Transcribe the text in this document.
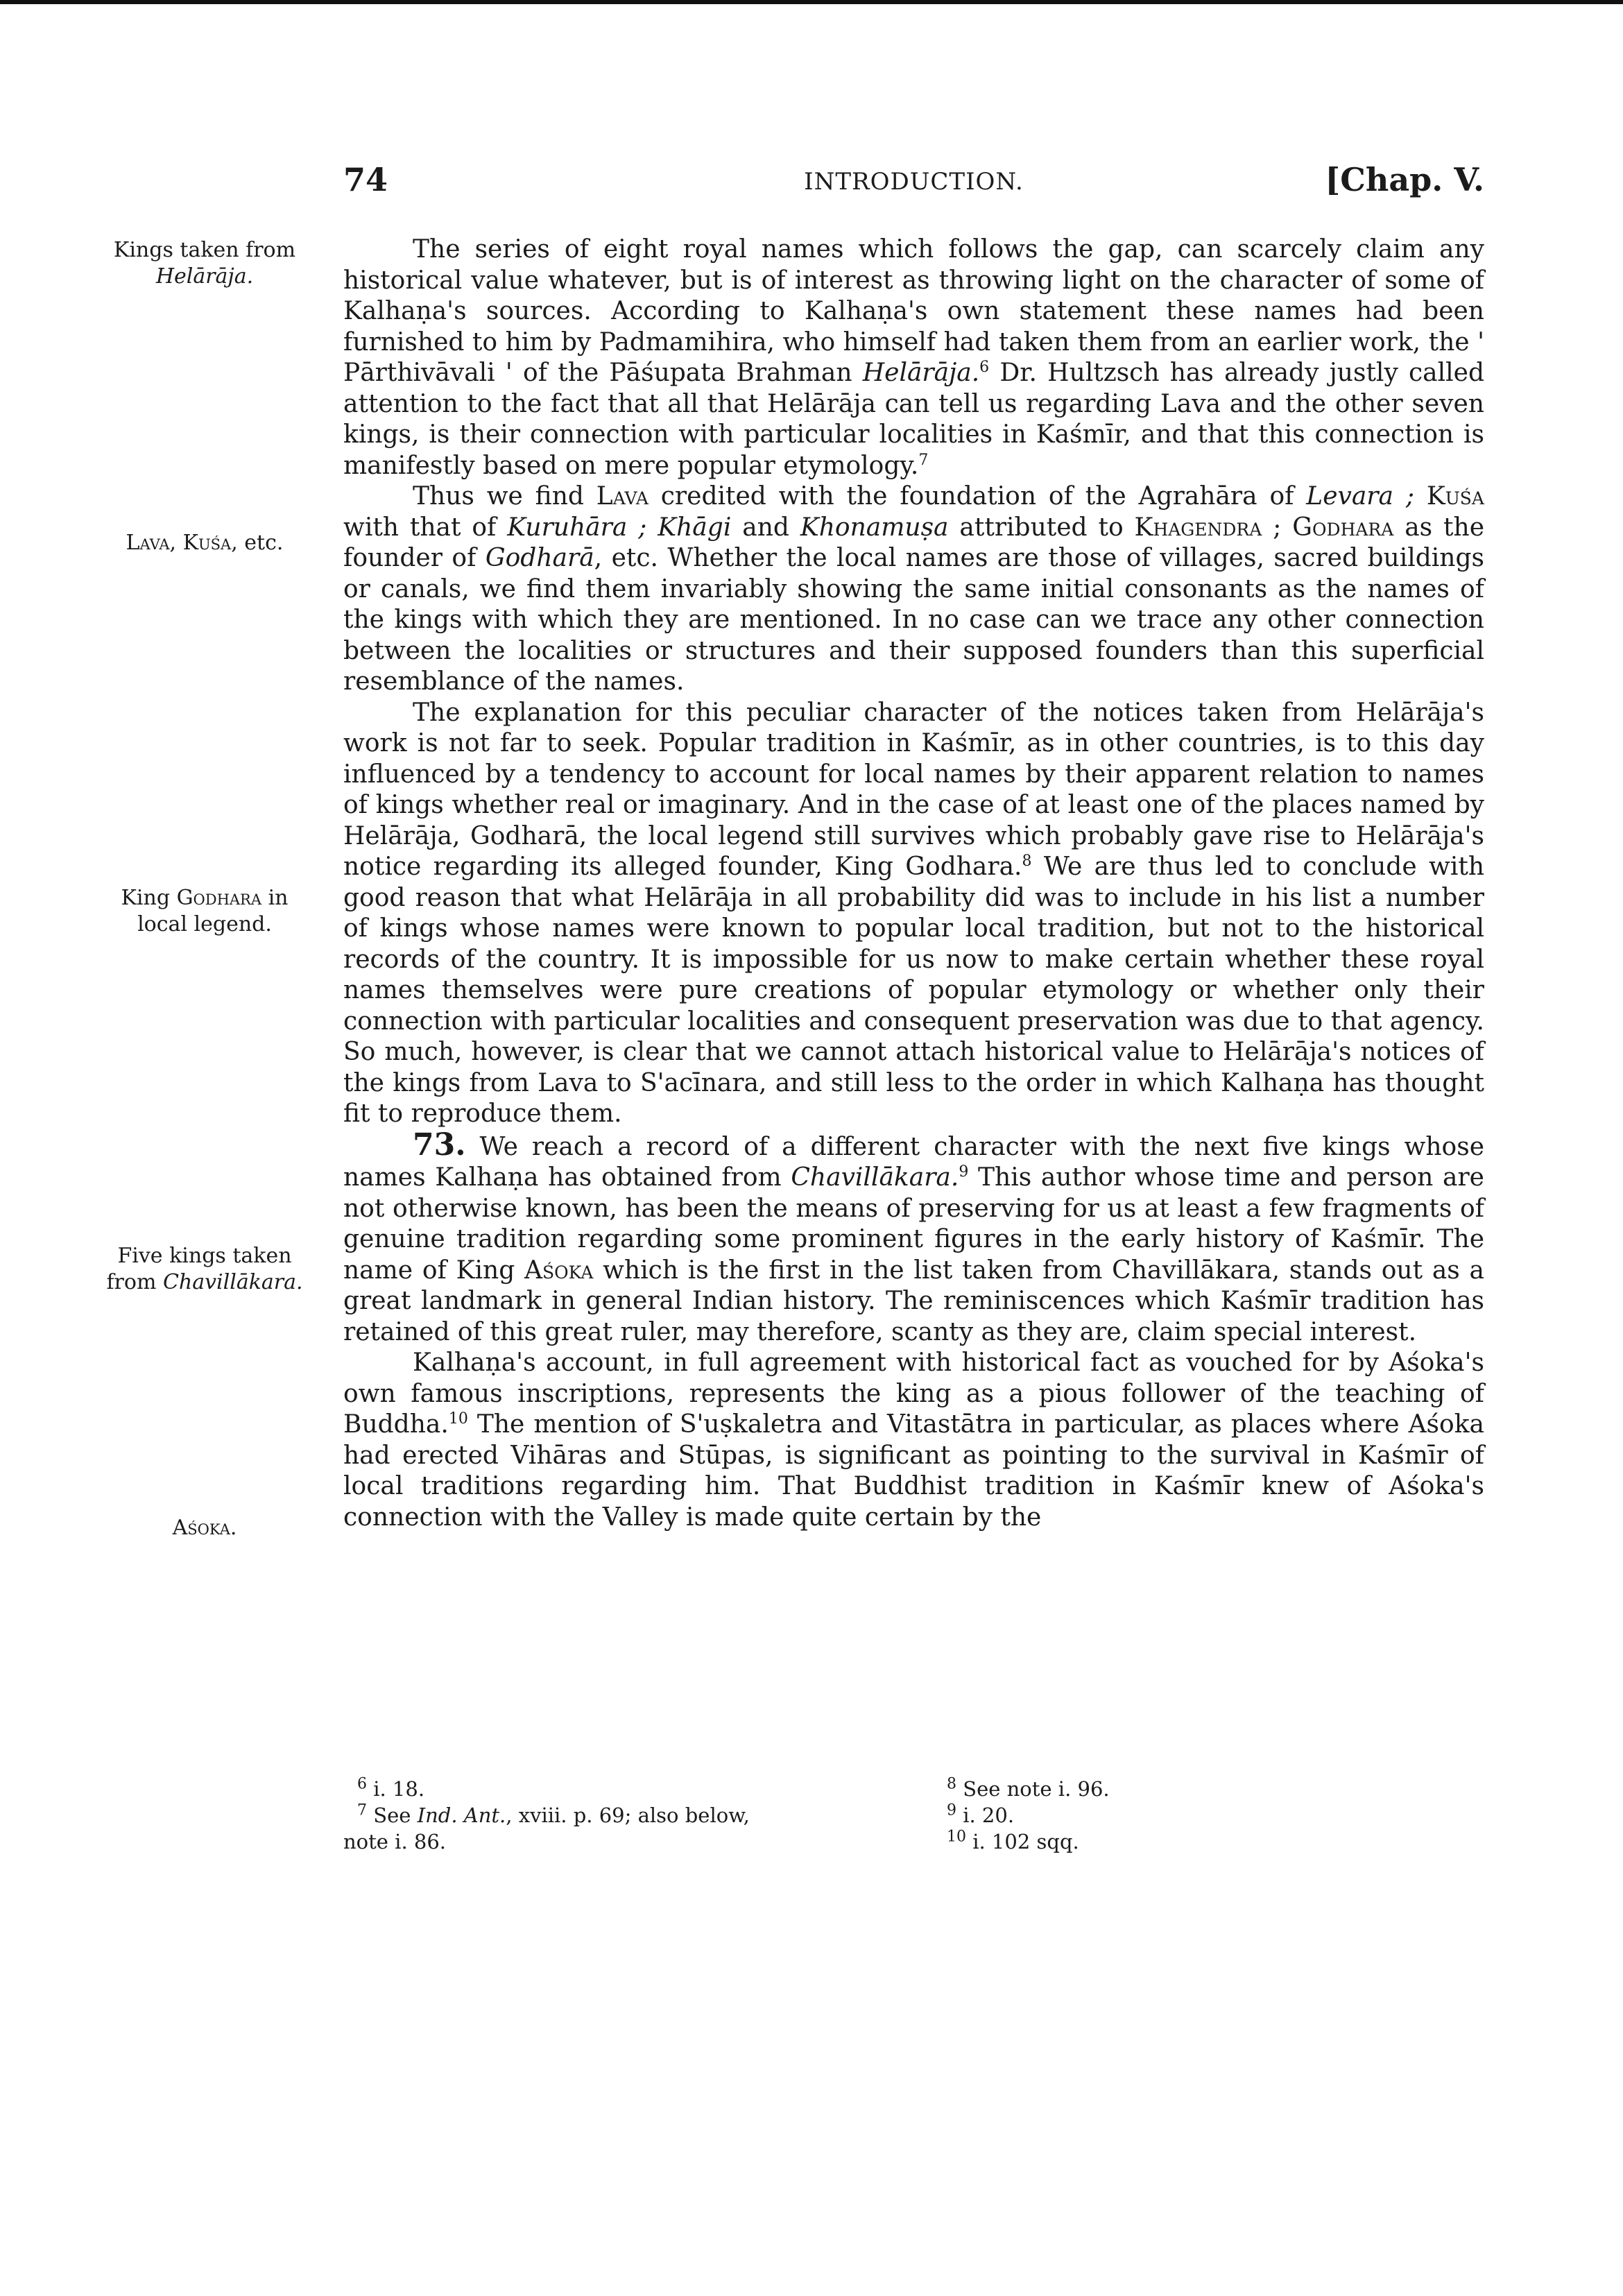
74	INTRODUCTION.	[Chap. V.
Kings taken from
Helārāja.
Lava, Kuśa, etc.
King Godhara in
local legend.
Five kings taken
from Chavillākara.
Aśoka.

The series of eight royal names which follows the gap, can scarcely claim any historical value whatever, but is of interest as throwing light on the character of some of Kalhaṇa's sources. According to Kalhaṇa's own statement these names had been furnished to him by Padmamihira, who himself had taken them from an earlier work, the ' Pārthivāvali ' of the Pāśupata Brahman Helārāja.$^6$ Dr. Hultzsch has already justly called attention to the fact that all that Helārāja can tell us regarding Lava and the other seven kings, is their connection with particular localities in Kaśmīr, and that this connection is manifestly based on mere popular etymology.$^7$

Thus we find Lava credited with the foundation of the Agrahāra of Levara ; Kuśa with that of Kuruhāra ; Khāgi and Khonamuṣa attributed to Khagendra ; Godhara as the founder of Godharā, etc. Whether the local names are those of villages, sacred buildings or canals, we find them invariably showing the same initial consonants as the names of the kings with which they are mentioned. In no case can we trace any other connection between the localities or structures and their supposed founders than this superficial resemblance of the names.

The explanation for this peculiar character of the notices taken from Helārāja's work is not far to seek. Popular tradition in Kaśmīr, as in other countries, is to this day influenced by a tendency to account for local names by their apparent relation to names of kings whether real or imaginary. And in the case of at least one of the places named by Helārāja, Godharā, the local legend still survives which probably gave rise to Helārāja's notice regarding its alleged founder, King Godhara.$^8$ We are thus led to conclude with good reason that what Helārāja in all probability did was to include in his list a number of kings whose names were known to popular local tradition, but not to the historical records of the country. It is impossible for us now to make certain whether these royal names themselves were pure creations of popular etymology or whether only their connection with particular localities and consequent preservation was due to that agency. So much, however, is clear that we cannot attach historical value to Helārāja's notices of the kings from Lava to S'acīnara, and still less to the order in which Kalhaṇa has thought fit to reproduce them.

73. We reach a record of a different character with the next five kings whose names Kalhaṇa has obtained from Chavillākara.$^9$ This author whose time and person are not otherwise known, has been the means of preserving for us at least a few fragments of genuine tradition regarding some prominent figures in the early history of Kaśmīr. The name of King Aśoka which is the first in the list taken from Chavillākara, stands out as a great landmark in general Indian history. The reminiscences which Kaśmīr tradition has retained of this great ruler, may therefore, scanty as they are, claim special interest.

Kalhaṇa's account, in full agreement with historical fact as vouched for by Aśoka's own famous inscriptions, represents the king as a pious follower of the teaching of Buddha.$^{10}$ The mention of S'uṣkaletra and Vitastātra in particular, as places where Aśoka had erected Vihāras and Stūpas, is significant as pointing to the survival in Kaśmīr of local traditions regarding him. That Buddhist tradition in Kaśmīr knew of Aśoka's connection with the Valley is made quite certain by the

$^6$ i. 18.

$^7$ See Ind. Ant., xviii. p. 69; also below,

note i. 86.

$^8$ See note i. 96.

$^9$ i. 20.

$^{10}$ i. 102 sqq.
